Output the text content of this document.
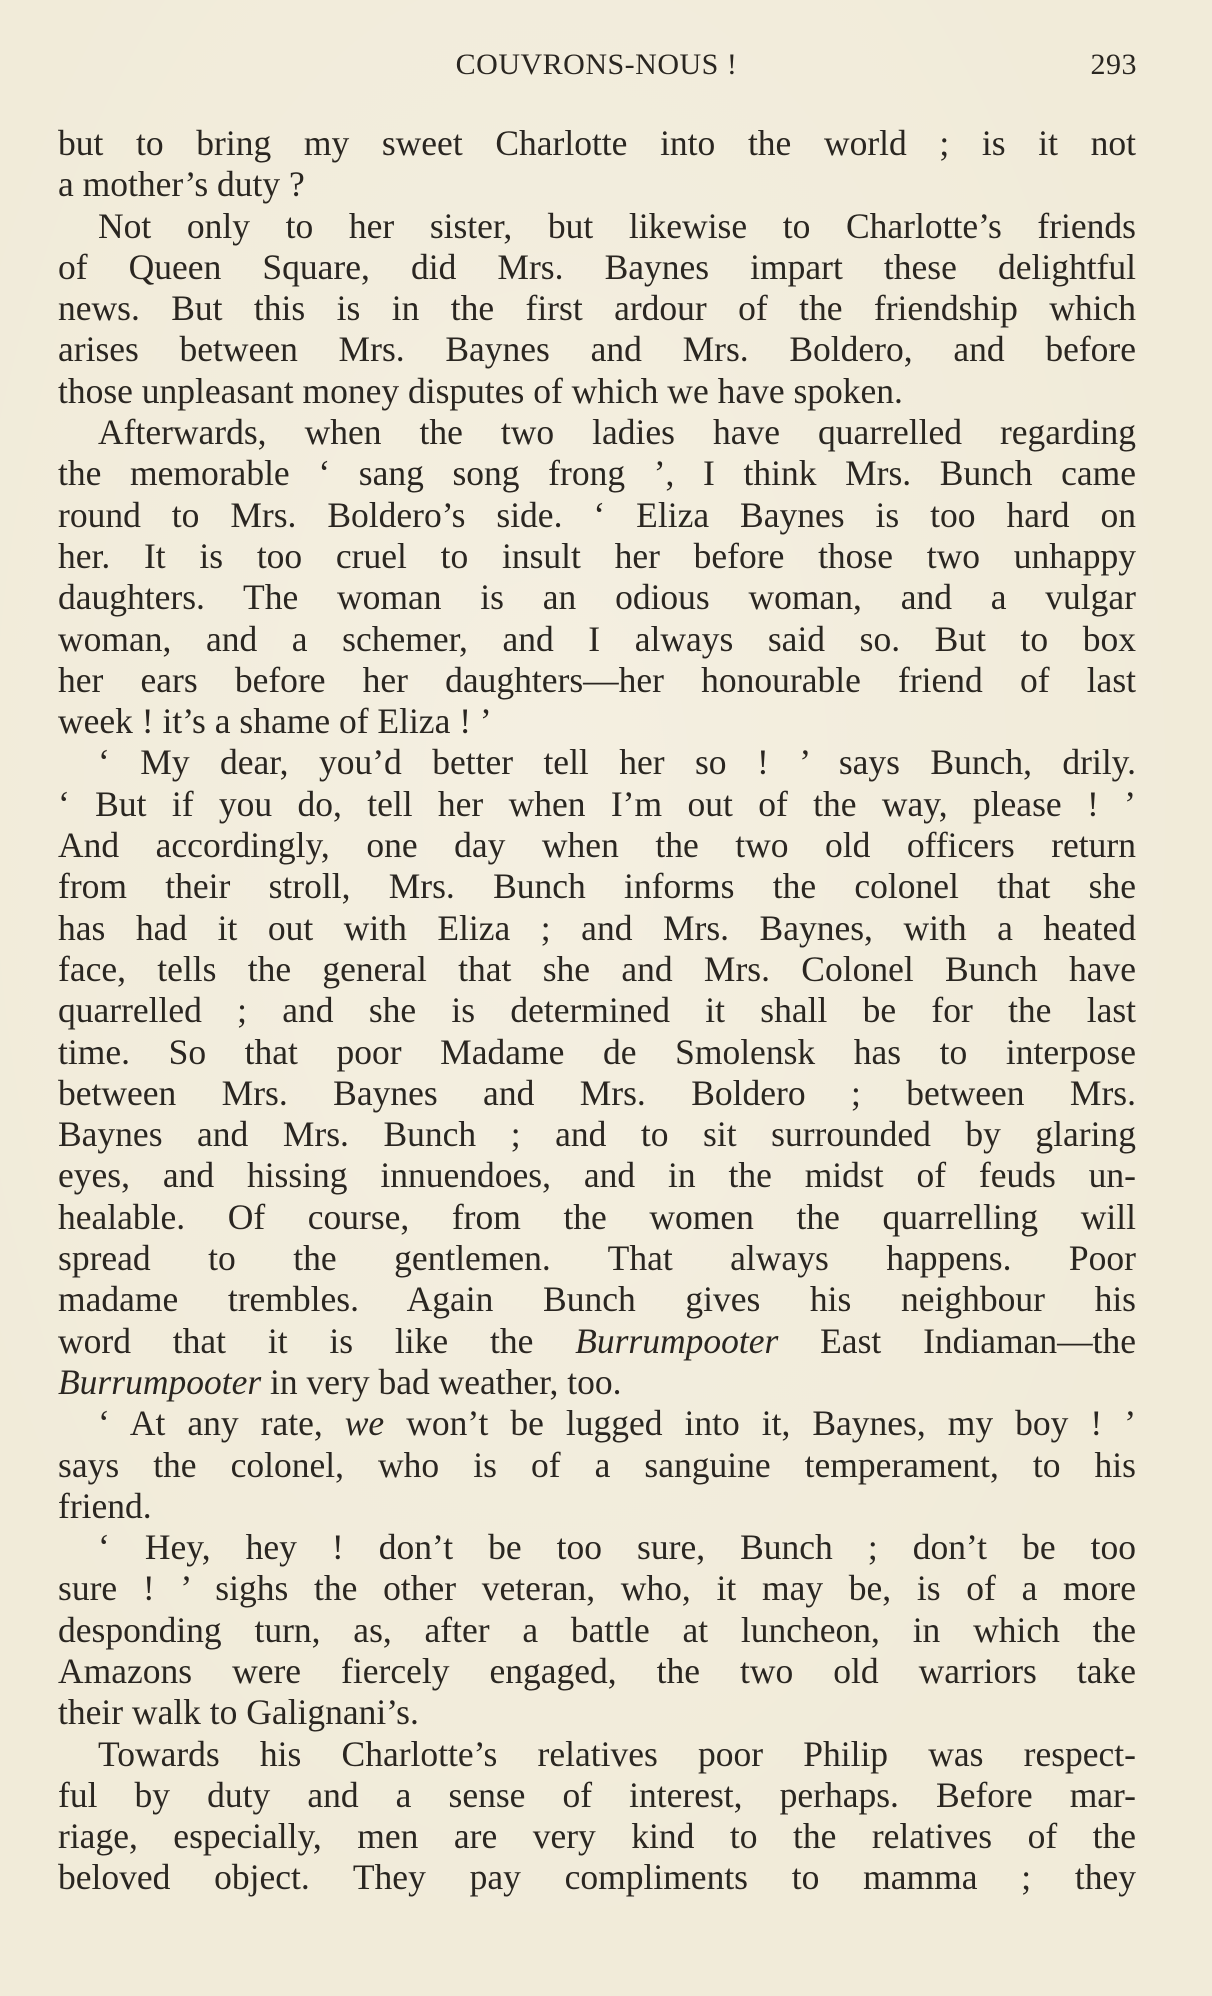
COUVRONS-NOUS !	293
but to bring my sweet Charlotte into the world ; is it not
a mother’s duty ?
Not only to her sister, but likewise to Charlotte’s friends
of Queen Square, did Mrs. Baynes impart these delightful
news. But this is in the first ardour of the friendship which
arises between Mrs. Baynes and Mrs. Boldero, and before
those unpleasant money disputes of which we have spoken.
Afterwards, when the two ladies have quarrelled regarding
the memorable ‘ sang song frong ’, I think Mrs. Bunch came
round to Mrs. Boldero’s side. ‘ Eliza Baynes is too hard on
her. It is too cruel to insult her before those two unhappy
daughters. The woman is an odious woman, and a vulgar
woman, and a schemer, and I always said so. But to box
her ears before her daughters—her honourable friend of last
week ! it’s a shame of Eliza ! ’
‘ My dear, you’d better tell her so ! ’ says Bunch, drily.
‘ But if you do, tell her when I’m out of the way, please ! ’
And accordingly, one day when the two old officers return
from their stroll, Mrs. Bunch informs the colonel that she
has had it out with Eliza ; and Mrs. Baynes, with a heated
face, tells the general that she and Mrs. Colonel Bunch have
quarrelled ; and she is determined it shall be for the last
time. So that poor Madame de Smolensk has to interpose
between Mrs. Baynes and Mrs. Boldero ; between Mrs.
Baynes and Mrs. Bunch ; and to sit surrounded by glaring
eyes, and hissing innuendoes, and in the midst of feuds un-
healable. Of course, from the women the quarrelling will
spread to the gentlemen. That always happens. Poor
madame trembles. Again Bunch gives his neighbour his
word that it is like the Burrumpooter East Indiaman—the
Burrumpooter in very bad weather, too.
‘ At any rate, we won’t be lugged into it, Baynes, my boy ! ’
says the colonel, who is of a sanguine temperament, to his
friend.
‘ Hey, hey ! don’t be too sure, Bunch ; don’t be too
sure ! ’ sighs the other veteran, who, it may be, is of a more
desponding turn, as, after a battle at luncheon, in which the
Amazons were fiercely engaged, the two old warriors take
their walk to Galignani’s.
Towards his Charlotte’s relatives poor Philip was respect-
ful by duty and a sense of interest, perhaps. Before mar-
riage, especially, men are very kind to the relatives of the
beloved object. They pay compliments to mamma ; they
